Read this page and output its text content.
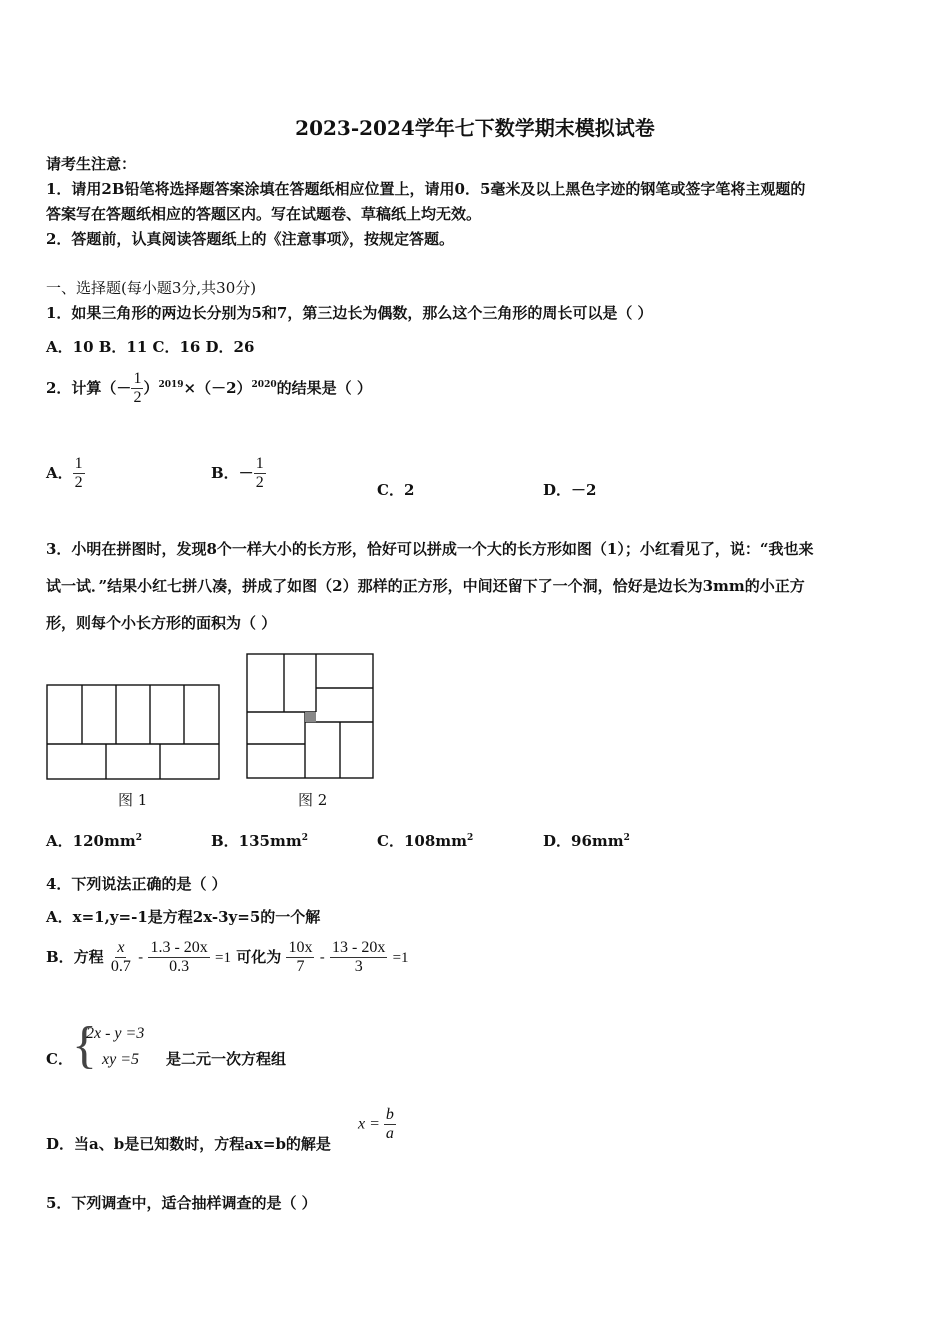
2023-2024学年七下数学期末模拟试卷
请考生注意：
1．请用2B铅笔将选择题答案涂填在答题纸相应位置上，请用0．5毫米及以上黑色字迹的钢笔或签字笔将主观题的
答案写在答题纸相应的答题区内。写在试题卷、草稿纸上均无效。
2．答题前，认真阅读答题纸上的《注意事项》，按规定答题。
一、选择题(每小题3分,共30分)
1．如果三角形的两边长分别为5和7，第三边长为偶数，那么这个三角形的周长可以是（ ）
A．10 B．11 C．16 D．26
2．计算（－ $\frac{1}{2} )^{2019}\times(-2)^{2020}$的结果是（ ）
A． $\frac{1}{2}$	B．－ $\frac{1}{2}$	C．2	D．－2
3．小明在拼图时，发现8个一样大小的长方形，恰好可以拼成一个大的长方形如图（1）；小红看见了，说：“我也来
试一试．”结果小红七拼八凑，拼成了如图（2）那样的正方形，中间还留下了一个洞，恰好是边长为3mm的小正方
形，则每个小长方形的面积为（ ）
图 1	图 2
A．$120mm^2$	B．$135mm^2$	C．$108mm^2$	D．$96mm^2$
4．下列说法正确的是（ ）
A．x=1,y=-1是方程2x-3y=5的一个解
B．方程 $\frac{x}{0.7} - \frac{1.3 - 20x}{0.3} =1$ 可化为 $\frac{10x}{7} - \frac{13 - 20x}{3} =1$
C． {
2x - y =3
xy =5	是二元一次方程组
D．当a、b是已知数时，方程ax=b的解是
$x = \frac{b}{a}$
5．下列调查中，适合抽样调查的是（ ）
